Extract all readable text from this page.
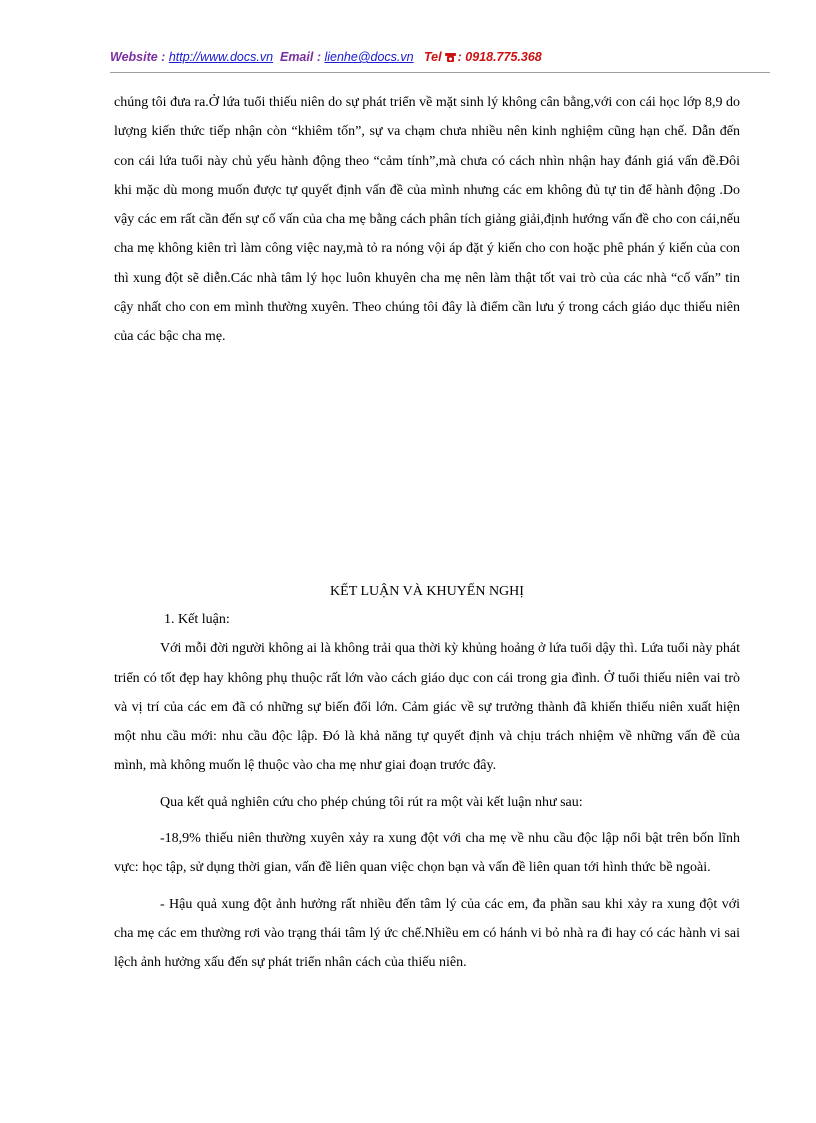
Website : http://www.docs.vn Email : lienhe@docs.vn Tel : 0918.775.368

chúng tôi đưa ra.Ở lứa tuổi thiếu niên do sự phát triển về mặt sinh lý không cân bằng,với con cái học lớp 8,9 do lượng kiến thức tiếp nhận còn “khiêm tốn”, sự va chạm chưa nhiều nên kinh nghiệm cũng hạn chế. Dẫn đến con cái lứa tuổi này chủ yếu hành động theo “cảm tính”,mà chưa có cách nhìn nhận hay đánh giá vấn đề.Đôi khi mặc dù mong muốn được tự quyết định vấn đề của mình nhưng các em không đủ tự tin để hành động .Do vậy các em rất cần đến sự cố vấn của cha mẹ bằng cách phân tích giảng giải,định hướng vấn đề cho con cái,nếu cha mẹ không kiên trì làm công việc nay,mà tỏ ra nóng vội áp đặt ý kiến cho con hoặc phê phán ý kiến của con thì xung đột sẽ diễn.Các nhà tâm lý học luôn khuyên cha mẹ nên làm thật tốt vai trò của các nhà “cố vấn” tin cậy nhất cho con em mình thường xuyên. Theo chúng tôi đây là điểm cần lưu ý trong cách giáo dục thiếu niên của các bậc cha mẹ.

KẾT LUẬN VÀ KHUYẾN NGHỊ

1. Kết luận:

Với mỗi đời người không ai là không trải qua thời kỳ khủng hoảng ở lứa tuổi dậy thì. Lứa tuổi này phát triển có tốt đẹp hay không phụ thuộc rất lớn vào cách giáo dục con cái trong gia đình. Ở tuổi thiếu niên vai trò và vị trí của các em đã có những sự biến đổi lớn. Cảm giác về sự trưởng thành đã khiến thiếu niên xuất hiện một nhu cầu mới: nhu cầu độc lập. Đó là khả năng tự quyết định và chịu trách nhiệm về những vấn đề của mình, mà không muốn lệ thuộc vào cha mẹ như giai đoạn trước đây.

Qua kết quả nghiên cứu cho phép chúng tôi rút ra một vài kết luận như sau:

-18,9% thiếu niên thường xuyên xảy ra xung đột với cha mẹ về nhu cầu độc lập nổi bật trên bốn lĩnh vực: học tập, sử dụng thời gian, vấn đề liên quan việc chọn bạn và vấn đề liên quan tới hình thức bề ngoài.

- Hậu quả xung đột ảnh hưởng rất nhiều đến tâm lý của các em, đa phần sau khi xảy ra xung đột với cha mẹ các em thường rơi vào trạng thái tâm lý ức chế.Nhiều em có hánh vi bỏ nhà ra đi hay có các hành vi sai lệch ảnh hưởng xấu đến sự phát triển nhân cách của thiếu niên.
